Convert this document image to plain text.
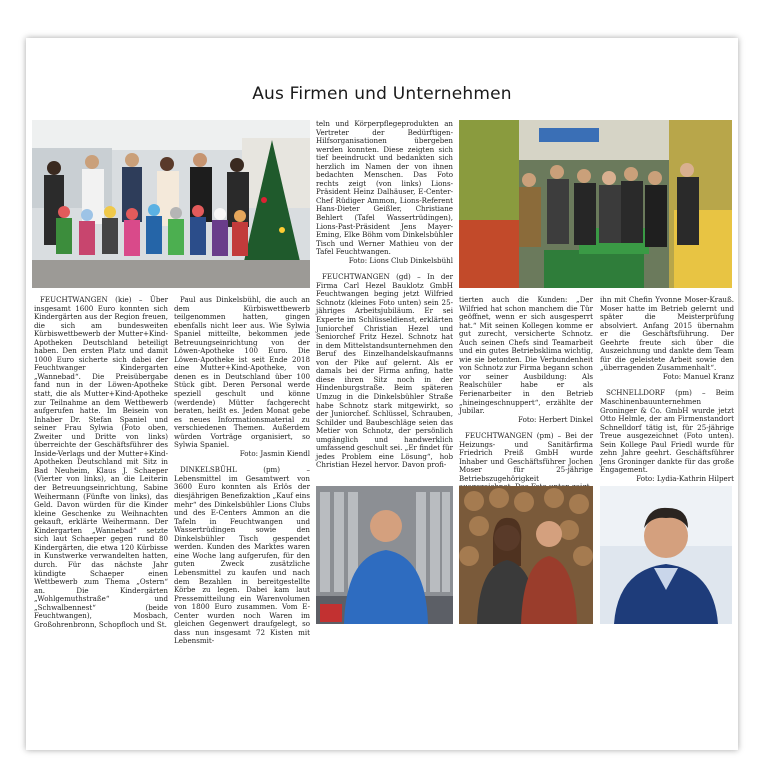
Aus Firmen und Unternehmen

FEUCHTWANGEN (kie) – Über insgesamt 1600 Euro konnten sich Kindergärten aus der Region freuen, die sich am bundesweiten Kürbiswettbewerb der Mutter+Kind-Apotheken Deutschland beteiligt haben. Den ersten Platz und damit 1000 Euro sicherte sich dabei der Feuchtwanger Kindergarten „Wannebad“. Die Preisübergabe fand nun in der Löwen-Apotheke statt, die als Mutter+Kind-Apotheke zur Teilnahme an dem Wettbewerb aufgerufen hatte. Im Beisein von Inhaber Dr. Stefan Spaniel und seiner Frau Sylwia (Foto oben, Zweiter und Dritte von links) überreichte der Geschäftsführer des Inside-Verlags und der Mutter+Kind-Apotheken Deutschland mit Sitz in Bad Neuheim, Klaus J. Schaeper (Vierter von links), an die Leiterin der Betreuungseinrichtung, Sabine Weihermann (Fünfte von links), das Geld. Davon würden für die Kinder kleine Geschenke zu Weihnachten gekauft, erklärte Weihermann. Der Kindergarten „Wannebad“ setzte sich laut Schaeper gegen rund 80 Kindergärten, die etwa 120 Kürbisse in Kunstwerke verwandelten hatten, durch. Für das nächste Jahr kündigte Schaeper einen Wettbewerb zum Thema „Ostern“ an. Die Kindergärten „Wohlgemuthstraße“ und „Schwalbennest“ (beide Feuchtwangen), Mosbach, Großohrenbronn, Schopfloch und St.

Paul aus Dinkelsbühl, die auch an dem Kürbiswettbewerb teilgenommen hatten, gingen ebenfalls nicht leer aus. Wie Sylwia Spaniel mitteilte, bekommen jede Betreuungseinrichtung von der Löwen-Apotheke 100 Euro. Die Löwen-Apotheke ist seit Ende 2018 eine Mutter+Kind-Apotheke, von denen es in Deutschland über 100 Stück gibt. Deren Personal werde speziell geschult und könne (werdende) Mütter fachgerecht beraten, heißt es. Jeden Monat gebe es neues Informationsmaterial zu verschiedenen Themen. Außerdem würden Vorträge organisiert, so Sylwia Spaniel.

Foto: Jasmin Kiendl

DINKELSBÜHL (pm) – Lebensmittel im Gesamtwert von 3600 Euro konnten als Erlös der diesjährigen Benefizaktion „Kauf eins mehr“ des Dinkelsbühler Lions Clubs und des E-Centers Ammon an die Tafeln in Feuchtwangen und Wassertrüdingen sowie den Dinkelsbühler Tisch gespendet werden. Kunden des Marktes waren eine Woche lang aufgerufen, für den guten Zweck zusätzliche Lebensmittel zu kaufen und nach dem Bezahlen in bereitgestellte Körbe zu legen. Dabei kam laut Pressemitteilung ein Warenvolumen von 1800 Euro zusammen. Vom E-Center wurden noch Waren im gleichen Gegenwert draufgelegt, so dass nun insgesamt 72 Kisten mit Lebensmit-

teln und Körperpflegeprodukten an Vertreter der Bedürftigen-Hilfsorganisationen übergeben werden konnten. Diese zeigten sich tief beeindruckt und bedankten sich herzlich im Namen der von ihnen bedachten Menschen. Das Foto rechts zeigt (von links) Lions-Präsident Heinz Dalhäuser, E-Center-Chef Rüdiger Ammon, Lions-Referent Hans-Dieter Geißler, Christiane Behlert (Tafel Wassertrüdingen), Lions-Past-Präsident Jens Mayer-Eming, Elke Böhm vom Dinkelsbühler Tisch und Werner Mathieu von der Tafel Feuchtwangen.

Foto: Lions Club Dinkelsbühl

FEUCHTWANGEN (gd) – In der Firma Carl Hezel Bauklotz GmbH Feuchtwangen beging jetzt Wilfried Schnotz (kleines Foto unten) sein 25-jähriges Arbeitsjubiläum. Er sei Experte im Schlüsseldienst, erklärten Juniorchef Christian Hezel und Seniorchef Fritz Hezel. Schnotz hat in dem Mittelstandsunternehmen den Beruf des Einzelhandelskaufmanns von der Pike auf gelernt. Als er damals bei der Firma anfing, hatte diese ihren Sitz noch in der Hindenburgstraße. Beim späteren Umzug in die Dinkelsbühler Straße habe Schnotz stark mitgewirkt, so der Juniorchef. Schlüssel, Schrauben, Schilder und Baubeschläge seien das Metier von Schnotz, der persönlich umgänglich und handwerklich umfassend geschult sei. „Er findet für jedes Problem eine Lösung“, hob Christian Hezel hervor. Davon profi-

tierten auch die Kunden: „Der Wilfried hat schon manchem die Tür geöffnet, wenn er sich ausgesperrt hat.“ Mit seinen Kollegen komme er gut zurecht, versicherte Schnotz. Auch seinen Chefs sind Teamarbeit und ein gutes Betriebsklima wichtig, wie sie betonten. Die Verbundenheit von Schnotz zur Firma begann schon vor seiner Ausbildung: Als Realschüler habe er als Ferienarbeiter in den Betrieb „hineingeschnuppert“, erzählte der Jubilar.

Foto: Herbert Dinkel

FEUCHTWANGEN (pm) – Bei der Heizungs- und Sanitärfirma Friedrich Preiß GmbH wurde Inhaber und Geschäftsführer Jochen Moser für 25-jährige Betriebszugehörigkeit

ihn mit Chefin Yvonne Moser-Krauß. Moser hatte im Betrieb gelernt und später die Meisterprüfung absolviert. Anfang 2015 übernahm er die Geschäftsführung. Der Geehrte freute sich über die Auszeichnung und dankte dem Team für die geleistete Arbeit sowie den „überragenden Zusammenhalt“.

Foto: Manuel Kranz

SCHNELLDORF (pm) – Beim Maschinenbauunternehmen Groninger & Co. GmbH wurde jetzt Otto Helmle, der am Firmenstandort Schnelldorf tätig ist, für 25-jährige Treue ausgezeichnet (Foto unten). Sein Kollege Paul Friedl wurde für zehn Jahre geehrt. Geschäftsführer Jens Groninger dankte für das große Engagement.

Foto: Lydia-Kathrin Hilpert
